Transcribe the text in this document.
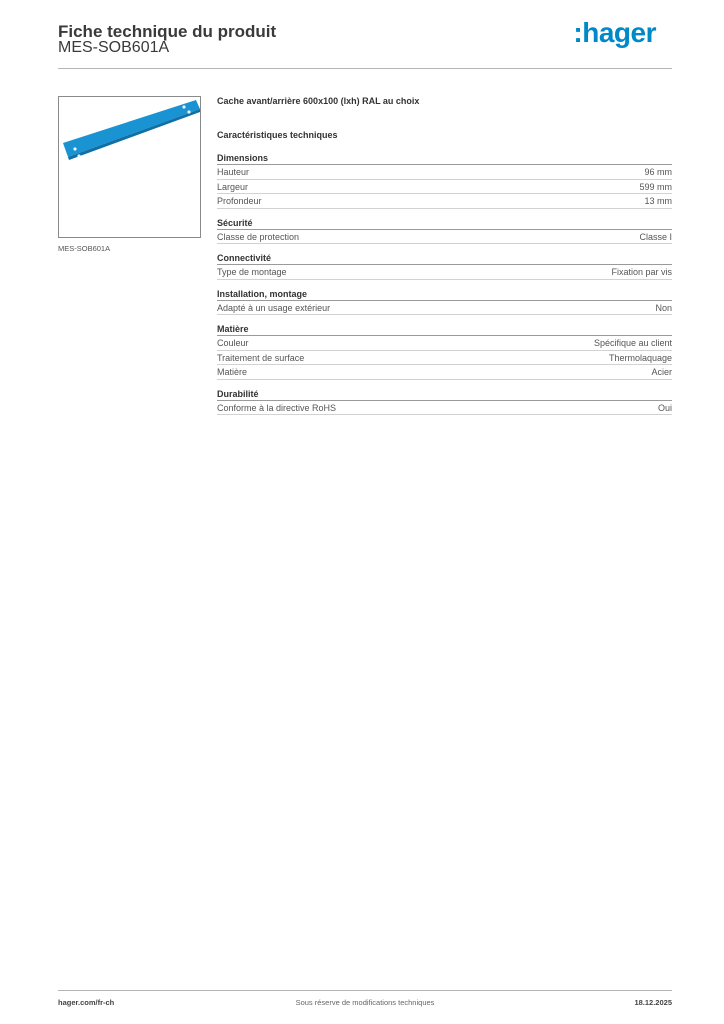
Fiche technique du produit
MES-SOB601A	:hager
MES-SOB601A
Cache avant/arrière 600x100 (lxh) RAL au choix
Caractéristiques techniques
Dimensions
Hauteur	96 mm
Largeur	599 mm
Profondeur	13 mm
Sécurité
Classe de protection	Classe I
Connectivité
Type de montage	Fixation par vis
Installation, montage
Adapté à un usage extérieur	Non
Matière
Couleur	Spécifique au client
Traitement de surface	Thermolaquage
Matière	Acier
Durabilité
Conforme à la directive RoHS	Oui
hager.com/fr-ch	Sous réserve de modifications techniques	18.12.2025
